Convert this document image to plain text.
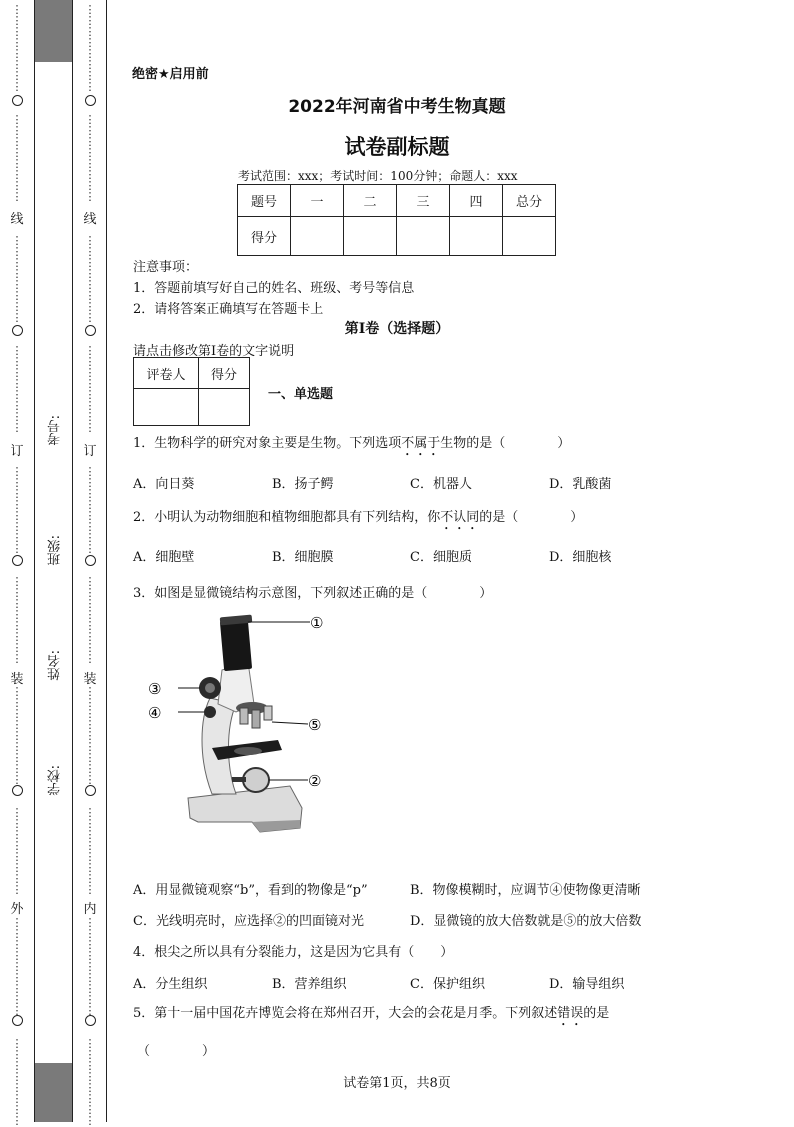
⋮
⋮
⋮
⋮
⋮
⋮
⋮
⋮
⋮
⋮
⋮
⋮
⋮
⋮
⋮
⋮
⋮
⋮
⋮
⋮
⋮
⋮
⋮
⋮
⋮
⋮
⋮
⋮
⋮
⋮
⋮
⋮
⋮
⋮
⋮
⋮
⋮
⋮
⋮
⋮
⋮
⋮
⋮
⋮
⋮
⋮
⋮
⋮
⋮
⋮
⋮
⋮
⋮
⋮
⋮
⋮
⋮
⋮
⋮
⋮
⋮
⋮
⋮
⋮
⋮
⋮
⋮
⋮
⋮
⋮
⋮
⋮
⋮
⋮
⋮
⋮
⋮
⋮
⋮
⋮
⋮
⋮
⋮
⋮
⋮
⋮
⋮
⋮
⋮
⋮
⋮
⋮
⋮
⋮
⋮
⋮
⋮
⋮
⋮
⋮
⋮
⋮
⋮
⋮
⋮
⋮
⋮
⋮
⋮
⋮
⋮
⋮
⋮
⋮
⋮
⋮
⋮
⋮
⋮
⋮
⋮
⋮
⋮
⋮
⋮
⋮
⋮
⋮
⋮
⋮
⋮
⋮
⋮
⋮
⋮
⋮
⋮
⋮
⋮
⋮
⋮
⋮
⋮
⋮
⋮
⋮
⋮
⋮
⋮
⋮
⋮
⋮
⋮
⋮
⋮
⋮
⋮
⋮
⋮
⋮
⋮
⋮
⋮
⋮
线
订
装
外
线
订
装
内
考号:
班级:
姓名:
学校:
绝密★启用前
2022年河南省中考生物真题
试卷副标题
考试范围：xxx；考试时间：100分钟；命题人：xxx
题号	一	二	三	四	总分
得分					
注意事项：
1．答题前填写好自己的姓名、班级、考号等信息
2．请将答案正确填写在答题卡上
第I卷（选择题）
请点击修改第I卷的文字说明
评卷人	得分

一、单选题
1．生物科学的研究对象主要是生物。下列选项不属于生物的是（　　　　）
A．向日葵	B．扬子鳄	C．机器人	D．乳酸菌
2．小明认为动物细胞和植物细胞都具有下列结构，你不认同的是（　　　　）
A．细胞壁	B．细胞膜	C．细胞质	D．细胞核
3．如图是显微镜结构示意图，下列叙述正确的是（　　　　）
①
③
④
⑤
②
A．用显微镜观察“b”，看到的物像是“p”	B．物像模糊时，应调节④使物像更清晰
C．光线明亮时，应选择②的凹面镜对光	D．显微镜的放大倍数就是⑤的放大倍数
4．根尖之所以具有分裂能力，这是因为它具有（　　）
A．分生组织	B．营养组织	C．保护组织	D．输导组织
5．第十一届中国花卉博览会将在郑州召开，大会的会花是月季。下列叙述错误的是
（　　　　）
试卷第1页，共8页
